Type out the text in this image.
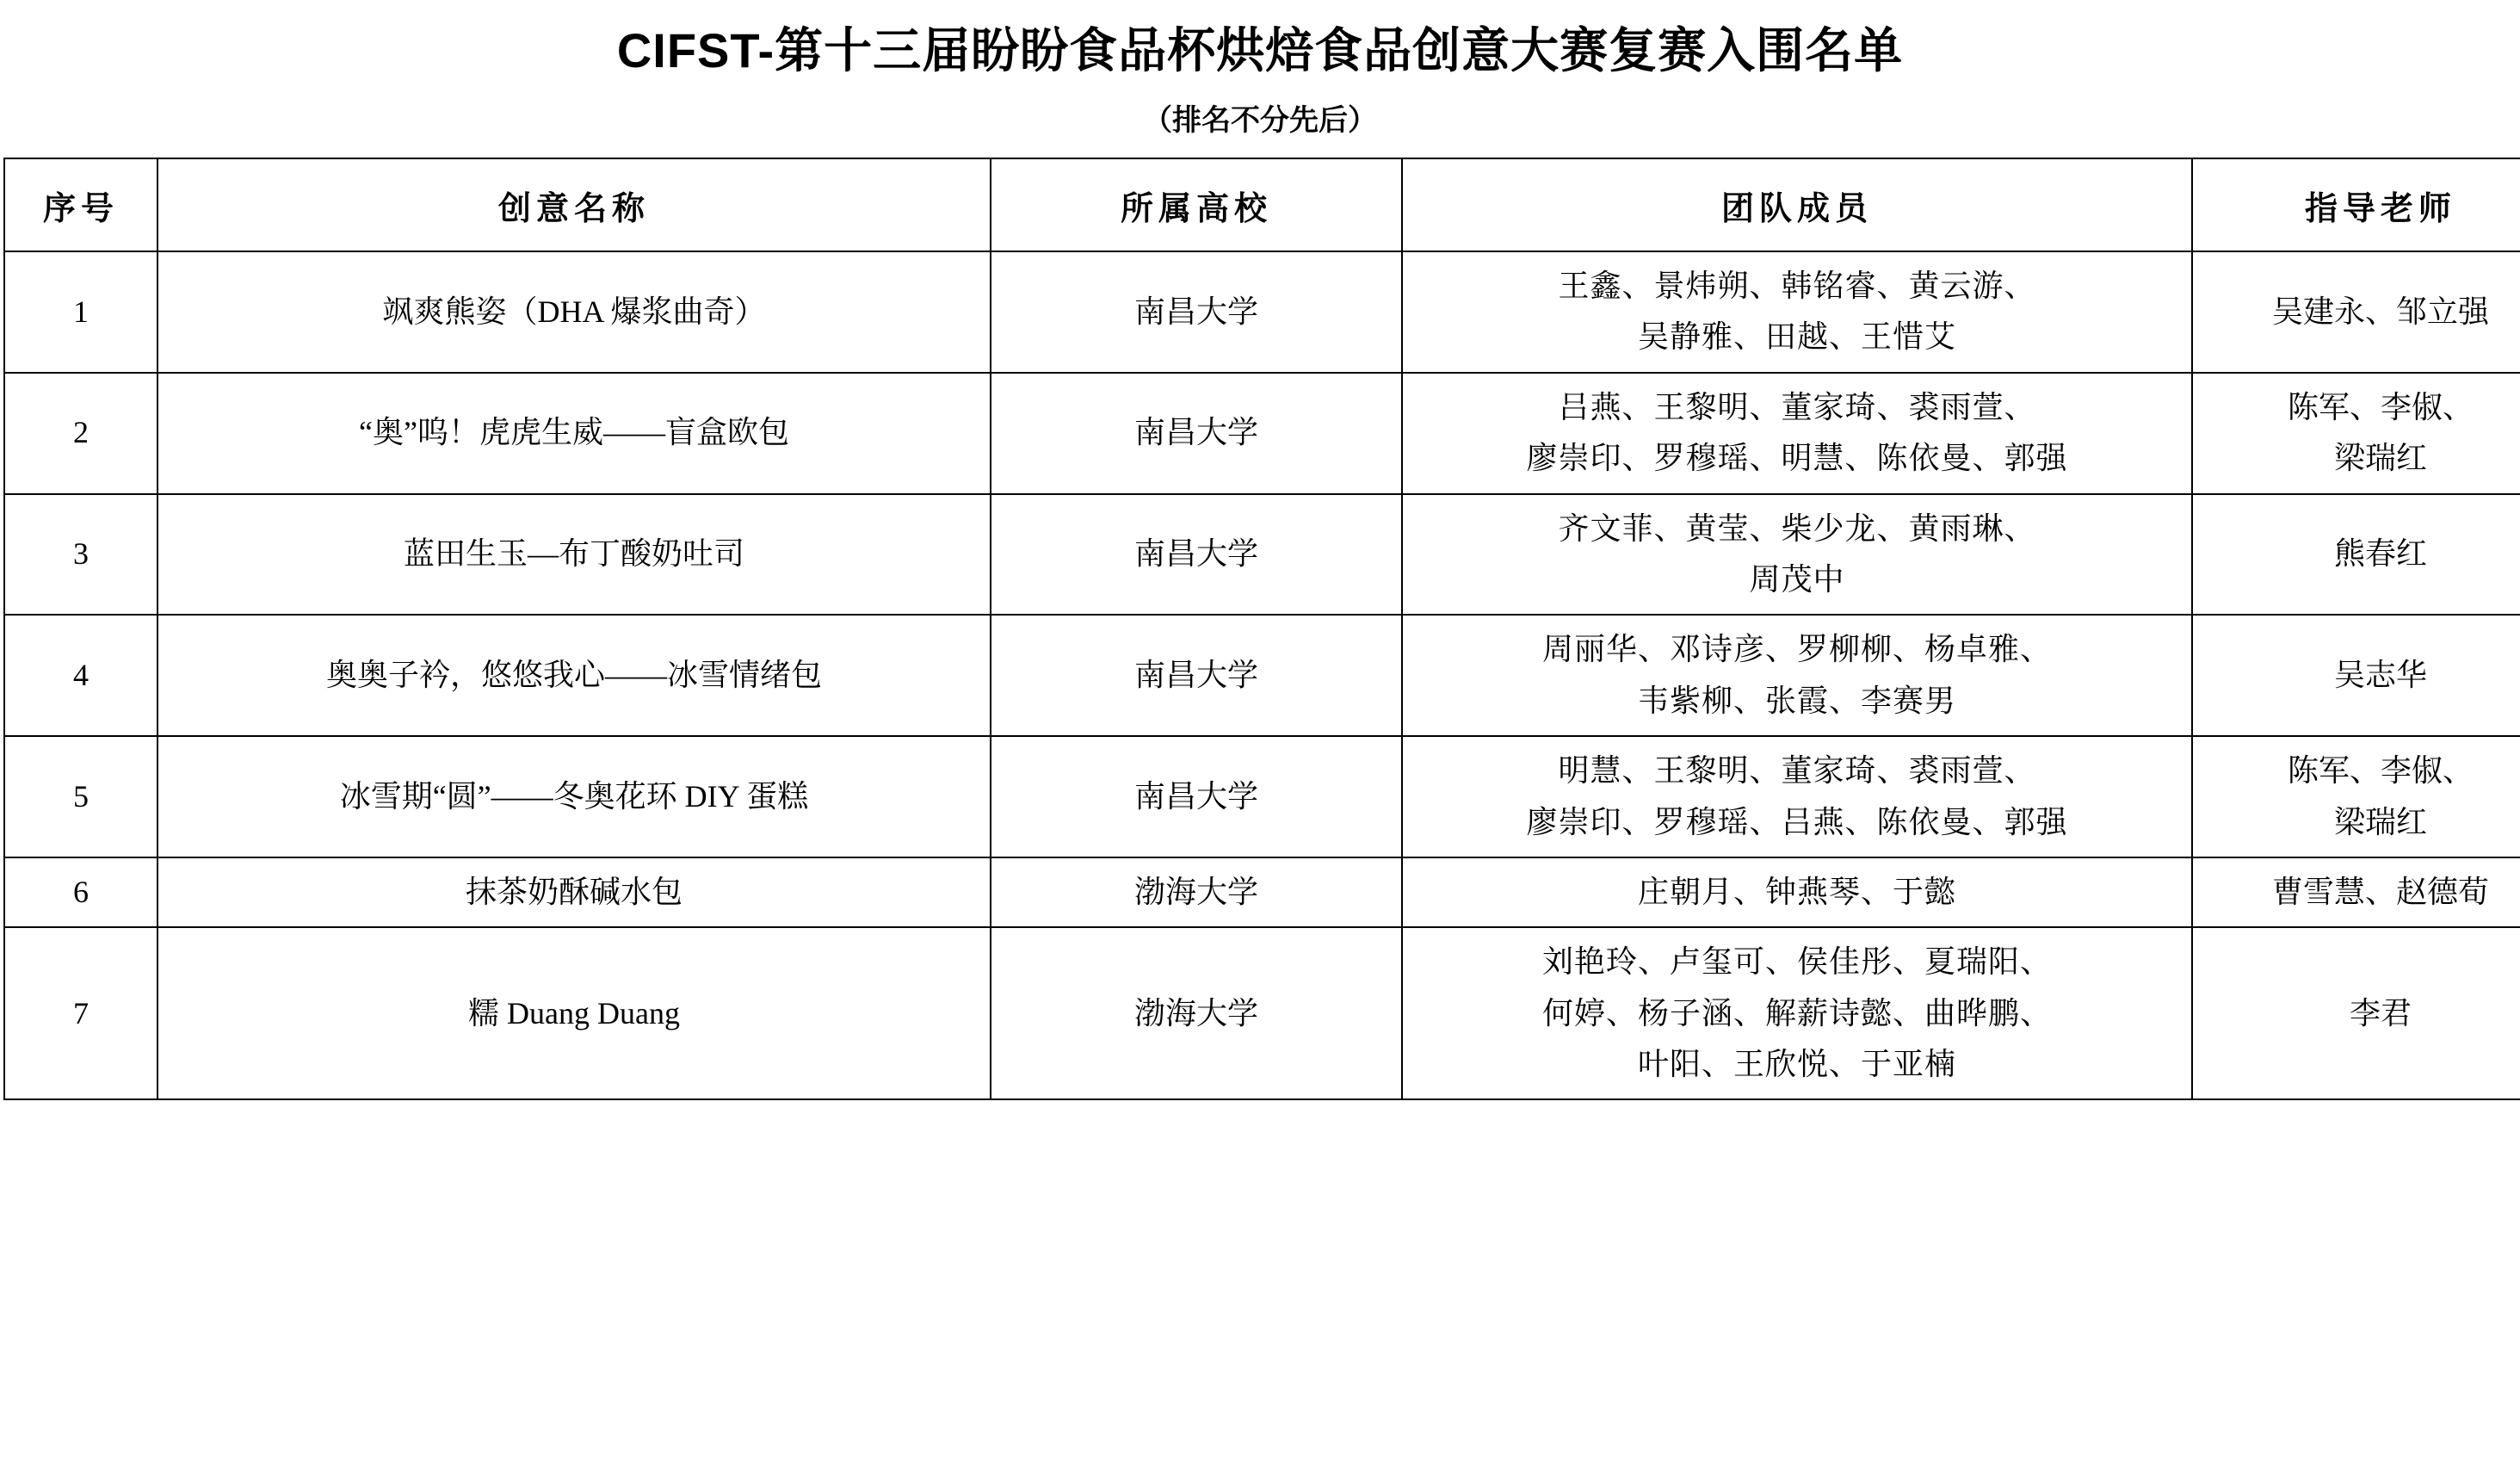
CIFST-第十三届盼盼食品杯烘焙食品创意大赛复赛入围名单
（排名不分先后）
序号	创意名称	所属高校	团队成员	指导老师
1	飒爽熊姿（DHA 爆浆曲奇）	南昌大学	王鑫、景炜朔、韩铭睿、黄云游、
吴静雅、田越、王惜艾	吴建永、邹立强

2	“奥”呜！虎虎生威——盲盒欧包	南昌大学	吕燕、王黎明、董家琦、裘雨萱、
廖崇印、罗穆瑶、明慧、陈依曼、郭强	陈军、李俶、
梁瑞红

3	蓝田生玉—布丁酸奶吐司	南昌大学	齐文菲、黄莹、柴少龙、黄雨琳、
周茂中	熊春红

4	奥奥子衿，悠悠我心——冰雪情绪包	南昌大学	周丽华、邓诗彦、罗柳柳、杨卓雅、
韦紫柳、张霞、李赛男	吴志华

5	冰雪期“圆”——冬奥花环 DIY 蛋糕	南昌大学	明慧、王黎明、董家琦、裘雨萱、
廖崇印、罗穆瑶、吕燕、陈依曼、郭强	陈军、李俶、
梁瑞红

6	抹茶奶酥碱水包	渤海大学	庄朝月、钟燕琴、于懿	曹雪慧、赵德荀

7	糯 Duang Duang	渤海大学	刘艳玲、卢玺可、侯佳彤、夏瑞阳、
何婷、杨子涵、解薪诗懿、曲晔鹏、
叶阳、王欣悦、于亚楠	李君
